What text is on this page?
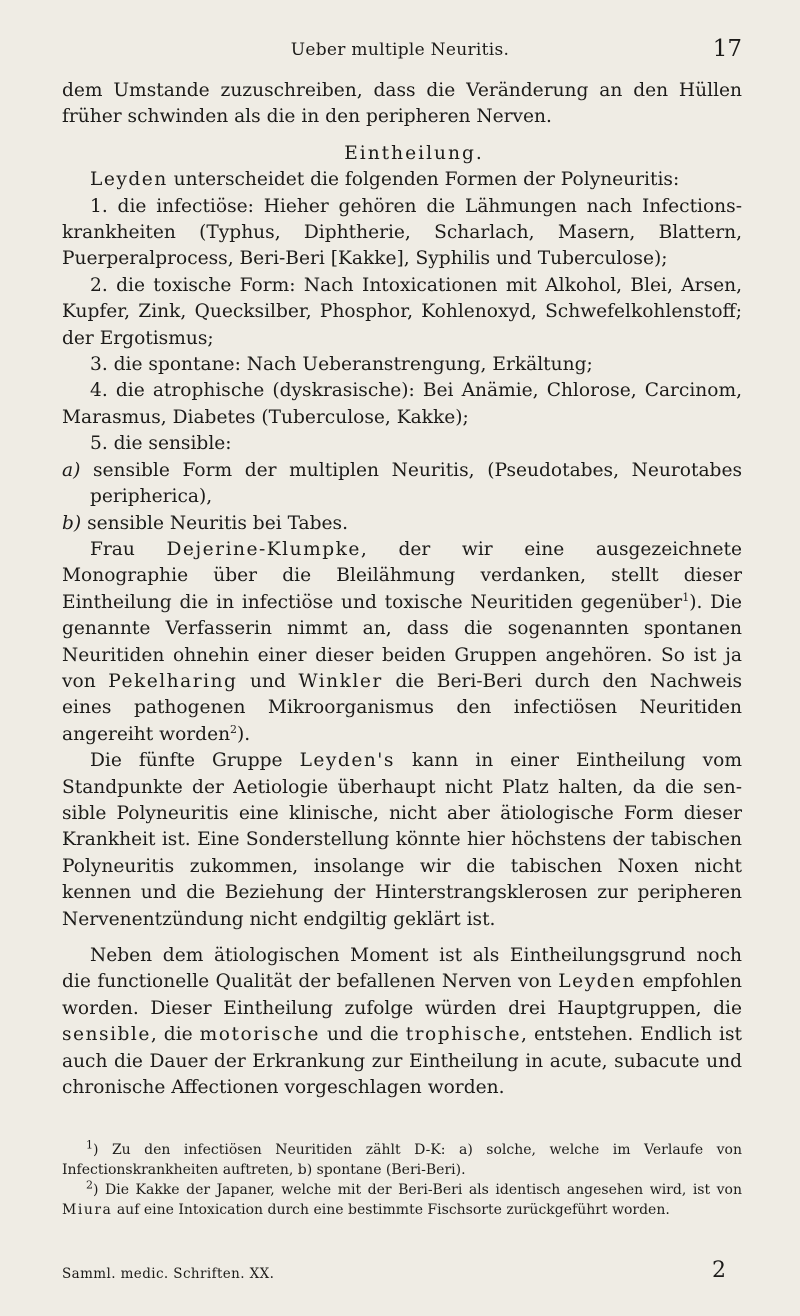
Ueber multiple Neuritis.	17

dem Umstande zuzuschreiben, dass die Veränderung an den Hüllen früher schwinden als die in den peripheren Nerven.

Eintheilung.

Leyden unterscheidet die folgenden Formen der Polyneuritis:

1. die infectiöse: Hieher gehören die Lähmungen nach Infectionskrankheiten (Typhus, Diphtherie, Scharlach, Masern, Blattern, Puerperalprocess, Beri-Beri [Kakke], Syphilis und Tuberculose);

2. die toxische Form: Nach Intoxicationen mit Alkohol, Blei, Arsen, Kupfer, Zink, Quecksilber, Phosphor, Kohlenoxyd, Schwefelkohlenstoff; der Ergotismus;

3. die spontane: Nach Ueberanstrengung, Erkältung;

4. die atrophische (dyskrasische): Bei Anämie, Chlorose, Carcinom, Marasmus, Diabetes (Tuberculose, Kakke);

5. die sensible:

a) sensible Form der multiplen Neuritis, (Pseudotabes, Neurotabes peripherica),

b) sensible Neuritis bei Tabes.

Frau Dejerine-Klumpke, der wir eine ausgezeichnete Monographie über die Bleilähmung verdanken, stellt dieser Eintheilung die in infectiöse und toxische Neuritiden gegenüber$^1$). Die genannte Verfasserin nimmt an, dass die sogenannten spontanen Neuritiden ohnehin einer dieser beiden Gruppen angehören. So ist ja von Pekelharing und Winkler die Beri-Beri durch den Nachweis eines pathogenen Mikroorganismus den infectiösen Neuritiden angereiht worden$^2$).

Die fünfte Gruppe Leyden's kann in einer Eintheilung vom Standpunkte der Aetiologie überhaupt nicht Platz halten, da die sensible Polyneuritis eine klinische, nicht aber ätiologische Form dieser Krankheit ist. Eine Sonderstellung könnte hier höchstens der tabischen Polyneuritis zukommen, insolange wir die tabischen Noxen nicht kennen und die Beziehung der Hinterstrangsklerosen zur peripheren Nervenentzündung nicht endgiltig geklärt ist.

Neben dem ätiologischen Moment ist als Eintheilungsgrund noch die functionelle Qualität der befallenen Nerven von Leyden empfohlen worden. Dieser Eintheilung zufolge würden drei Hauptgruppen, die sensible, die motorische und die trophische, entstehen. Endlich ist auch die Dauer der Erkrankung zur Eintheilung in acute, subacute und chronische Affectionen vorgeschlagen worden.

$^1$) Zu den infectiösen Neuritiden zählt D-K: a) solche, welche im Verlaufe von Infectionskrankheiten auftreten, b) spontane (Beri-Beri).

$^2$) Die Kakke der Japaner, welche mit der Beri-Beri als identisch angesehen wird, ist von Miura auf eine Intoxication durch eine bestimmte Fischsorte zurückgeführt worden.

Samml. medic. Schriften. XX.	2
